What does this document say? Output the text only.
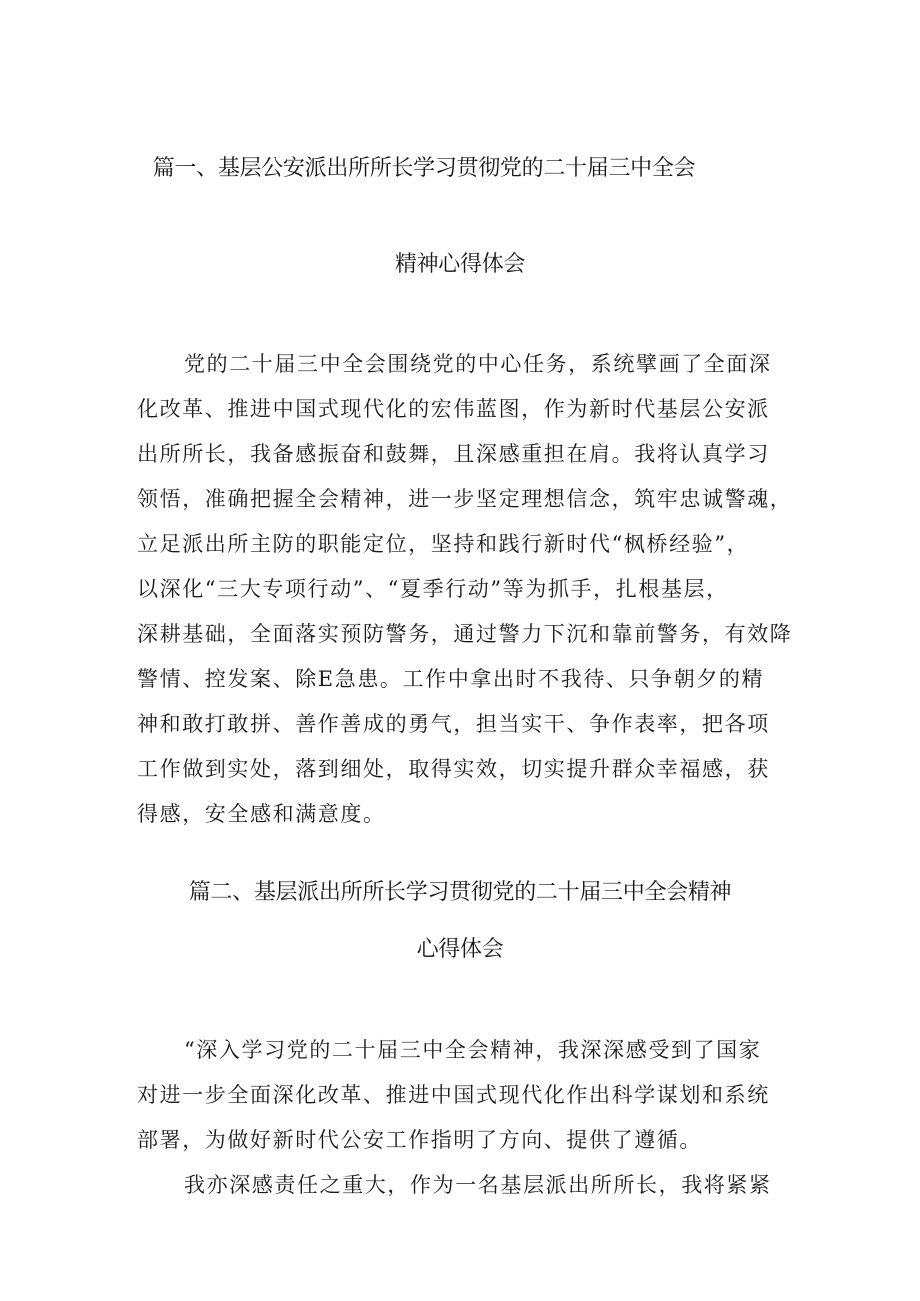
篇一、基层公安派出所所长学习贯彻党的二十届三中全会
精神心得体会
党的二十届三中全会围绕党的中心任务，系统擘画了全面深
化改革、推进中国式现代化的宏伟蓝图，作为新时代基层公安派
出所所长，我备感振奋和鼓舞，且深感重担在肩。我将认真学习
领悟，准确把握全会精神，进一步坚定理想信念，筑牢忠诚警魂，
立足派出所主防的职能定位，坚持和践行新时代“枫桥经验”，
以深化“三大专项行动”、“夏季行动”等为抓手，扎根基层，
深耕基础，全面落实预防警务，通过警力下沉和靠前警务，有效降
警情、控发案、除E急患。工作中拿出时不我待、只争朝夕的精
神和敢打敢拼、善作善成的勇气，担当实干、争作表率，把各项
工作做到实处，落到细处，取得实效，切实提升群众幸福感，获
得感，安全感和满意度。
篇二、基层派出所所长学习贯彻党的二十届三中全会精神
心得体会
“深入学习党的二十届三中全会精神，我深深感受到了国家
对进一步全面深化改革、推进中国式现代化作出科学谋划和系统
部署，为做好新时代公安工作指明了方向、提供了遵循。
我亦深感责任之重大，作为一名基层派出所所长，我将紧紧
